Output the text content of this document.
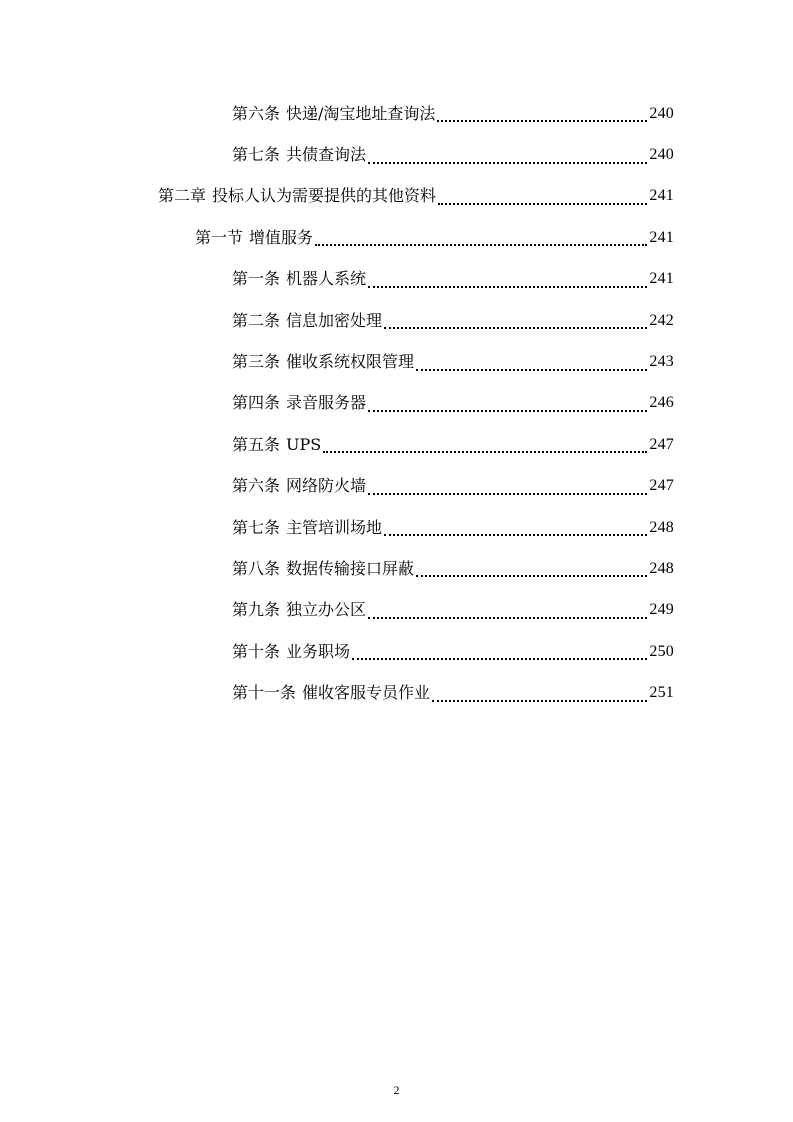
第六条 快递/淘宝地址查询法	240
第七条 共债查询法	240
第二章 投标人认为需要提供的其他资料	241
第一节 增值服务	241
第一条 机器人系统	241
第二条 信息加密处理	242
第三条 催收系统权限管理	243
第四条 录音服务器	246
第五条 UPS	247
第六条 网络防火墙	247
第七条 主管培训场地	248
第八条 数据传输接口屏蔽	248
第九条 独立办公区	249
第十条 业务职场	250
第十一条 催收客服专员作业	251
2
